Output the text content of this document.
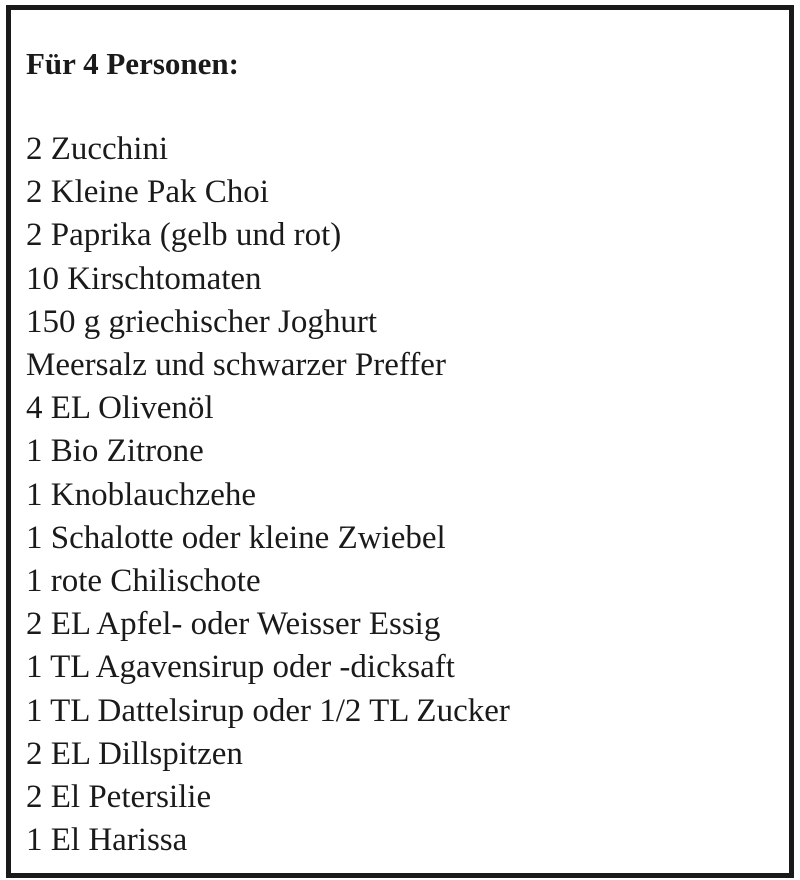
Für 4 Personen:
2 Zucchini
2 Kleine Pak Choi
2 Paprika (gelb und rot)
10 Kirschtomaten
150 g griechischer Joghurt
Meersalz und schwarzer Preffer
4 EL Olivenöl
1 Bio Zitrone
1 Knoblauchzehe
1 Schalotte oder kleine Zwiebel
1 rote Chilischote
2 EL Apfel- oder Weisser Essig
1 TL Agavensirup oder -dicksaft
1 TL Dattelsirup oder 1/2 TL Zucker
2 EL Dillspitzen
2 El Petersilie
1 El Harissa
